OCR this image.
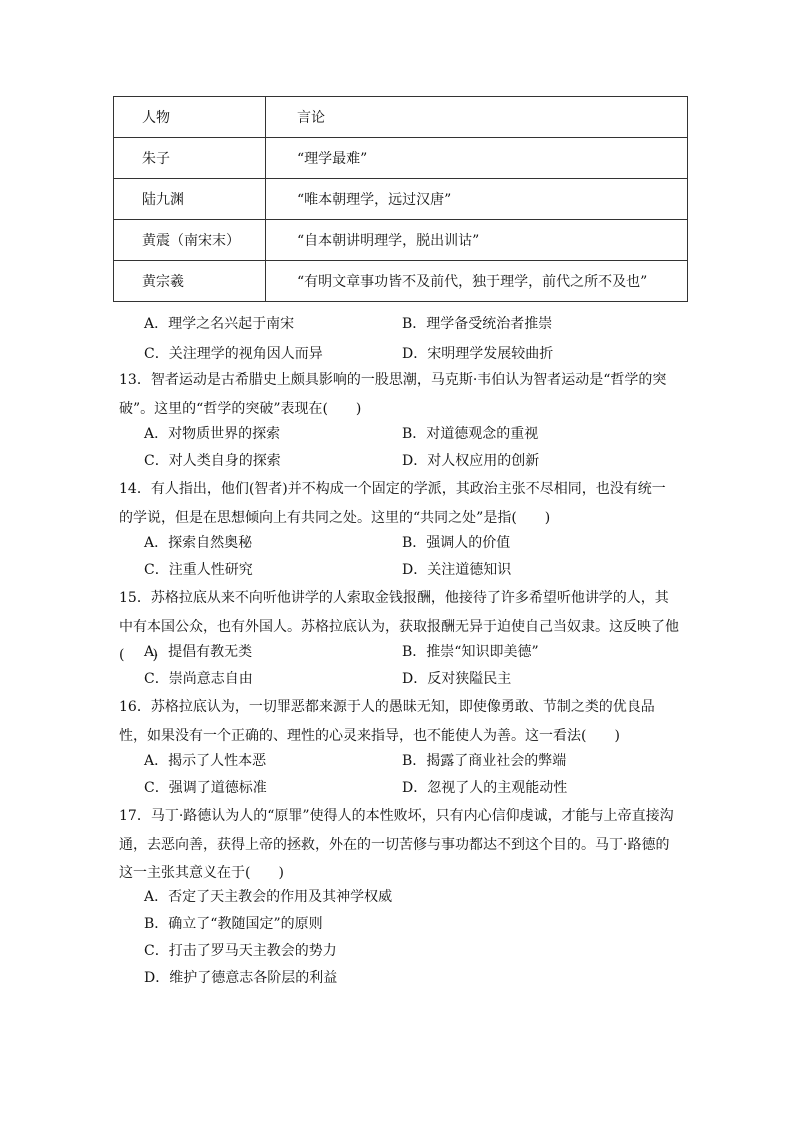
人物	言论
朱子	“理学最难”
陆九渊	“唯本朝理学，远过汉唐”
黄震（南宋末）	“自本朝讲明理学，脱出训诂”
黄宗羲	“有明文章事功皆不及前代，独于理学，前代之所不及也”
A．理学之名兴起于南宋	B．理学备受统治者推崇
C．关注理学的视角因人而异	D．宋明理学发展较曲折
13．智者运动是古希腊史上颇具影响的一股思潮，马克斯·韦伯认为智者运动是“哲学的突破”。这里的“哲学的突破”表现在(　　)
A．对物质世界的探索	B．对道德观念的重视
C．对人类自身的探索	D．对人权应用的创新
14．有人指出，他们(智者)并不构成一个固定的学派，其政治主张不尽相同，也没有统一的学说，但是在思想倾向上有共同之处。这里的“共同之处”是指(　　)
A．探索自然奥秘	B．强调人的价值
C．注重人性研究	D．关注道德知识
15．苏格拉底从来不向听他讲学的人索取金钱报酬，他接待了许多希望听他讲学的人，其中有本国公众，也有外国人。苏格拉底认为，获取报酬无异于迫使自己当奴隶。这反映了他(　　)
A．提倡有教无类	B．推崇“知识即美德”
C．崇尚意志自由	D．反对狭隘民主
16．苏格拉底认为，一切罪恶都来源于人的愚昧无知，即使像勇敢、节制之类的优良品性，如果没有一个正确的、理性的心灵来指导，也不能使人为善。这一看法(　　)
A．揭示了人性本恶	B．揭露了商业社会的弊端
C．强调了道德标准	D．忽视了人的主观能动性
17．马丁·路德认为人的“原罪”使得人的本性败坏，只有内心信仰虔诚，才能与上帝直接沟通，去恶向善，获得上帝的拯救，外在的一切苦修与事功都达不到这个目的。马丁·路德的这一主张其意义在于(　　)
A．否定了天主教会的作用及其神学权威
B．确立了“教随国定”的原则
C．打击了罗马天主教会的势力
D．维护了德意志各阶层的利益
